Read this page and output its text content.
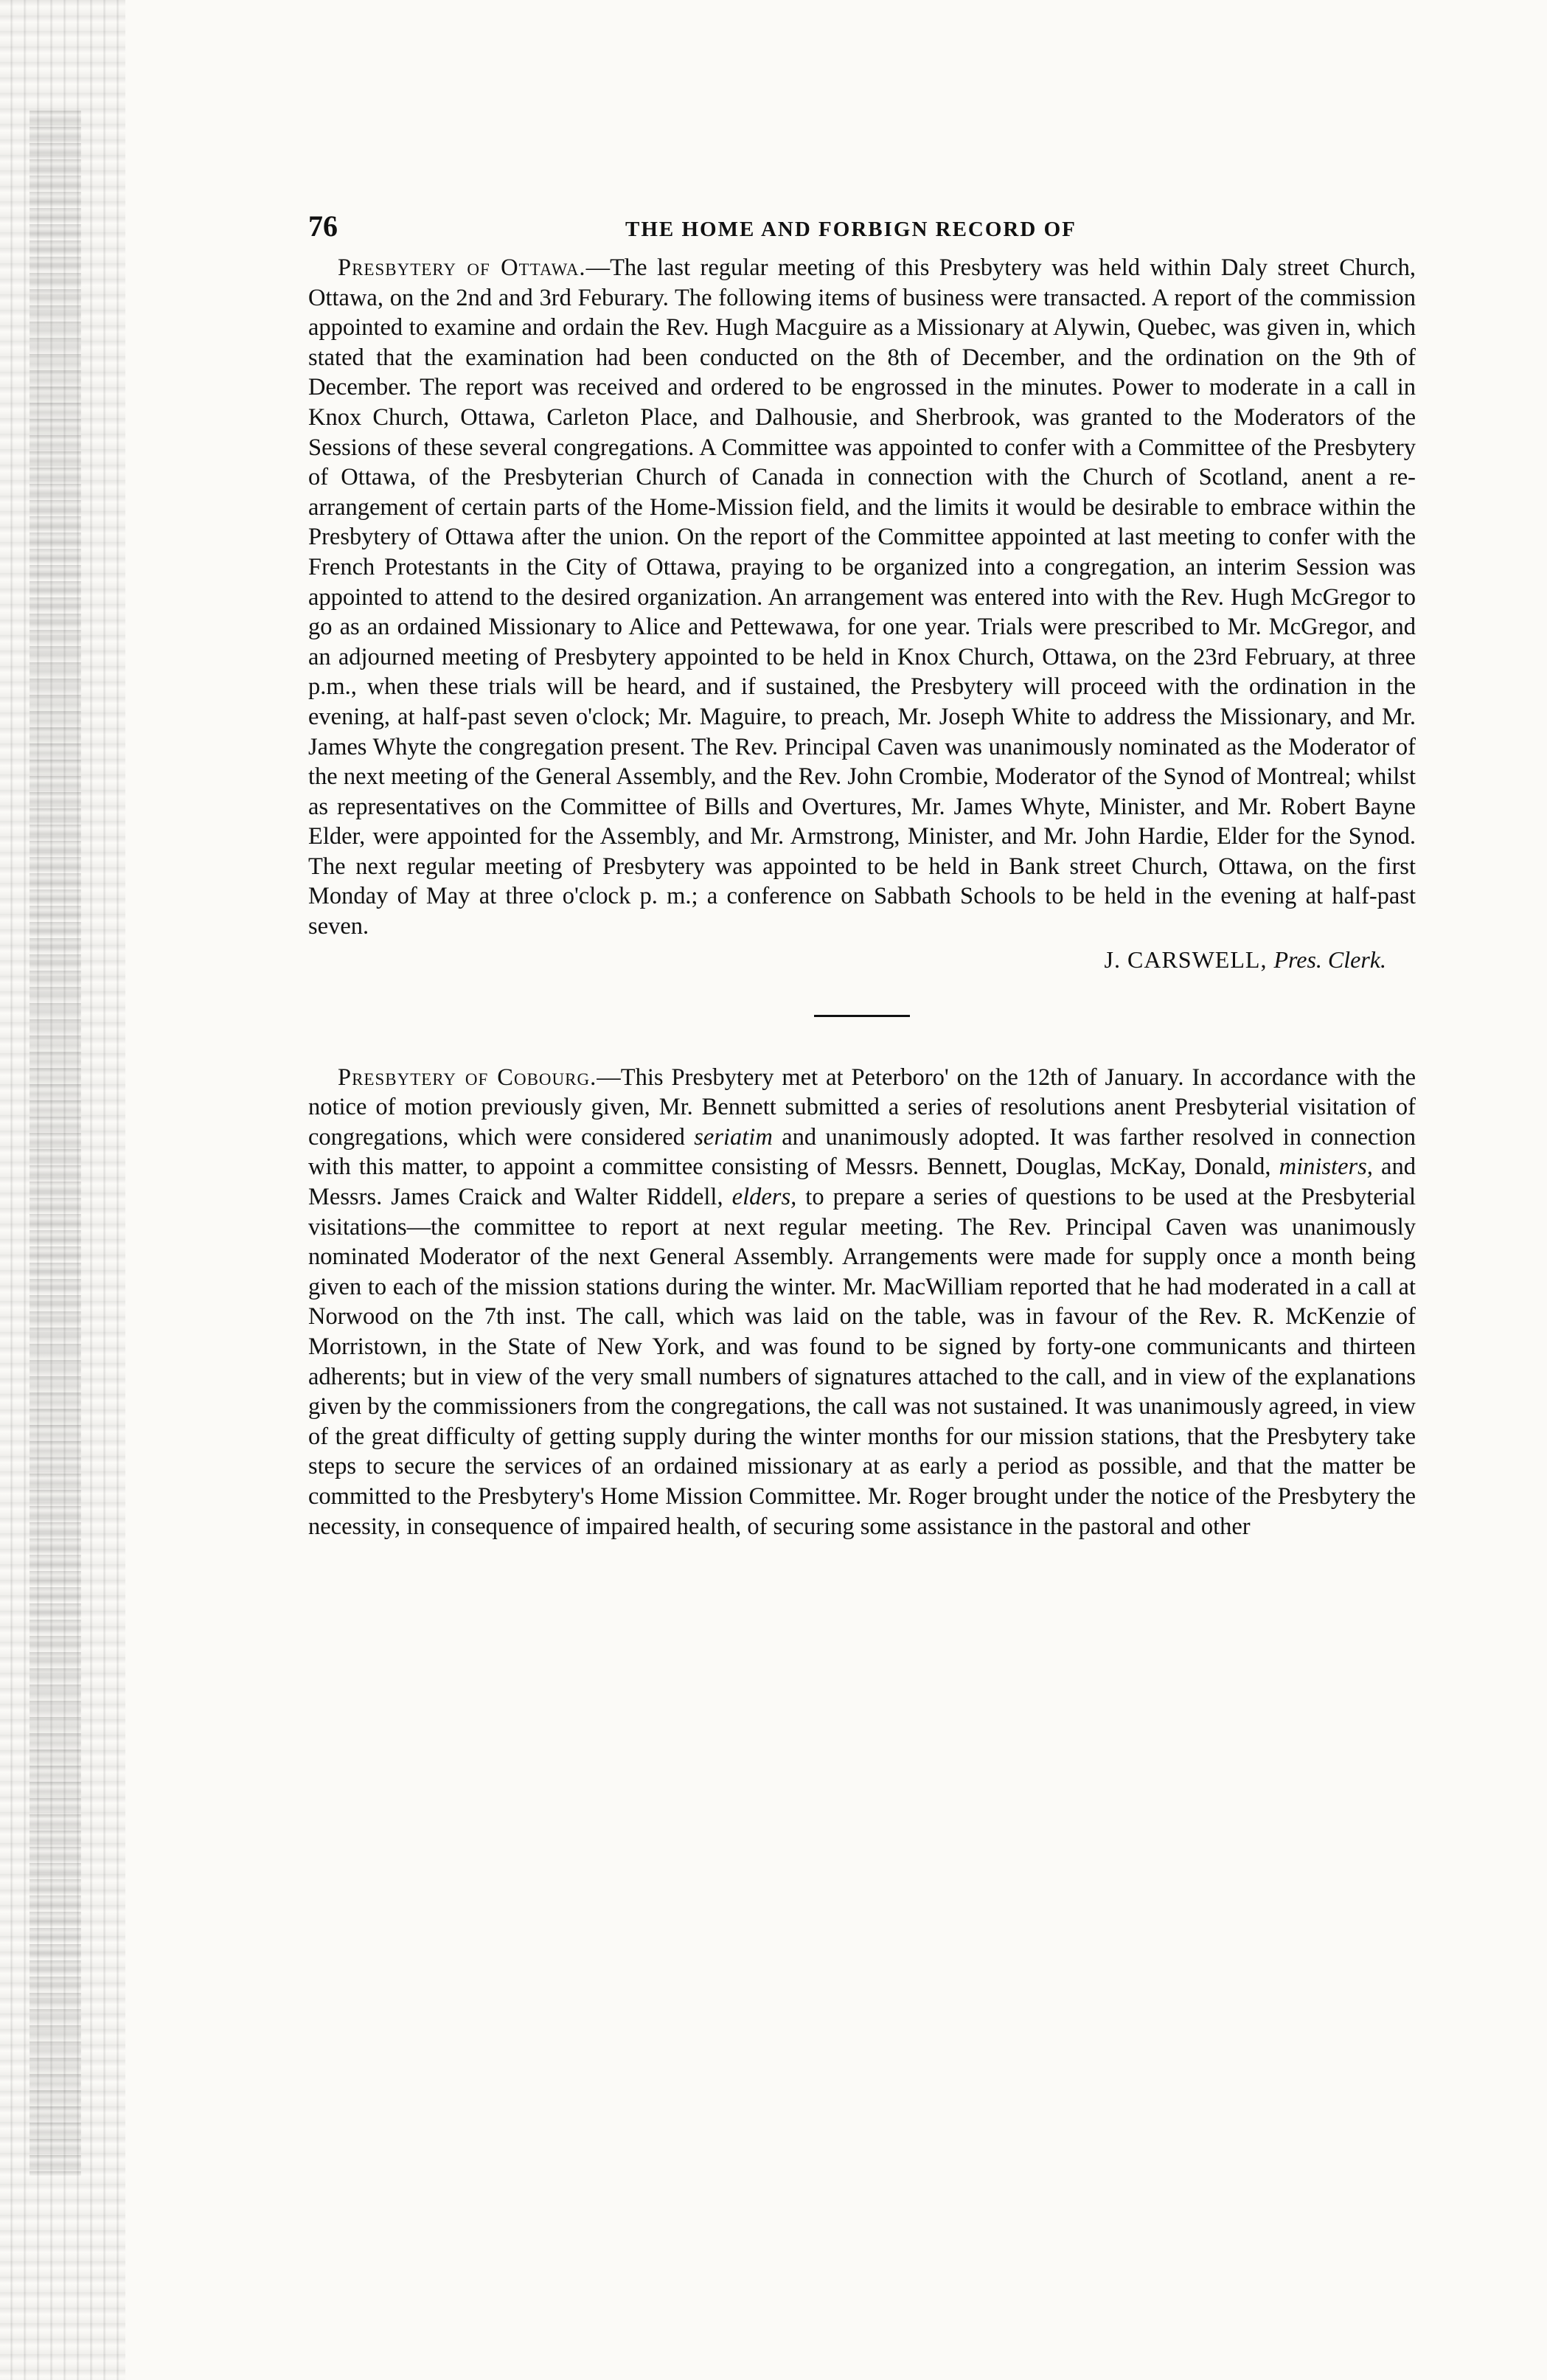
76	THE HOME AND FORBIGN RECORD OF

Presbytery of Ottawa.—The last regular meeting of this Presbytery was held within Daly street Church, Ottawa, on the 2nd and 3rd Feburary. The following items of business were transacted. A report of the commission appointed to examine and ordain the Rev. Hugh Macguire as a Missionary at Alywin, Quebec, was given in, which stated that the examination had been conducted on the 8th of December, and the ordination on the 9th of December. The report was received and ordered to be engrossed in the minutes. Power to moderate in a call in Knox Church, Ottawa, Carleton Place, and Dalhousie, and Sherbrook, was granted to the Moderators of the Sessions of these several congregations. A Committee was appointed to confer with a Committee of the Presbytery of Ottawa, of the Presbyterian Church of Canada in connection with the Church of Scotland, anent a re-arrangement of certain parts of the Home-Mission field, and the limits it would be desirable to embrace within the Presbytery of Ottawa after the union. On the report of the Committee appointed at last meeting to confer with the French Protestants in the City of Ottawa, praying to be organized into a congregation, an interim Session was appointed to attend to the desired organization. An arrangement was entered into with the Rev. Hugh McGregor to go as an ordained Missionary to Alice and Pettewawa, for one year. Trials were prescribed to Mr. McGregor, and an adjourned meeting of Presbytery appointed to be held in Knox Church, Ottawa, on the 23rd February, at three p.m., when these trials will be heard, and if sustained, the Presbytery will proceed with the ordination in the evening, at half-past seven o'clock; Mr. Maguire, to preach, Mr. Joseph White to address the Missionary, and Mr. James Whyte the congregation present. The Rev. Principal Caven was unanimously nominated as the Moderator of the next meeting of the General Assembly, and the Rev. John Crombie, Moderator of the Synod of Montreal; whilst as representatives on the Committee of Bills and Overtures, Mr. James Whyte, Minister, and Mr. Robert Bayne Elder, were appointed for the Assembly, and Mr. Armstrong, Minister, and Mr. John Hardie, Elder for the Synod. The next regular meeting of Presbytery was appointed to be held in Bank street Church, Ottawa, on the first Monday of May at three o'clock p. m.; a conference on Sabbath Schools to be held in the evening at half-past seven.

J. CARSWELL, Pres. Clerk.

Presbytery of Cobourg.—This Presbytery met at Peterboro' on the 12th of January. In accordance with the notice of motion previously given, Mr. Bennett submitted a series of resolutions anent Presbyterial visitation of congregations, which were considered seriatim and unanimously adopted. It was farther resolved in connection with this matter, to appoint a committee consisting of Messrs. Bennett, Douglas, McKay, Donald, ministers, and Messrs. James Craick and Walter Riddell, elders, to prepare a series of questions to be used at the Presbyterial visitations—the committee to report at next regular meeting. The Rev. Principal Caven was unanimously nominated Moderator of the next General Assembly. Arrangements were made for supply once a month being given to each of the mission stations during the winter. Mr. MacWilliam reported that he had moderated in a call at Norwood on the 7th inst. The call, which was laid on the table, was in favour of the Rev. R. McKenzie of Morristown, in the State of New York, and was found to be signed by forty-one communicants and thirteen adherents; but in view of the very small numbers of signatures attached to the call, and in view of the explanations given by the commissioners from the congregations, the call was not sustained. It was unanimously agreed, in view of the great difficulty of getting supply during the winter months for our mission stations, that the Presbytery take steps to secure the services of an ordained missionary at as early a period as possible, and that the matter be committed to the Presbytery's Home Mission Committee. Mr. Roger brought under the notice of the Presbytery the necessity, in consequence of impaired health, of securing some assistance in the pastoral and other
